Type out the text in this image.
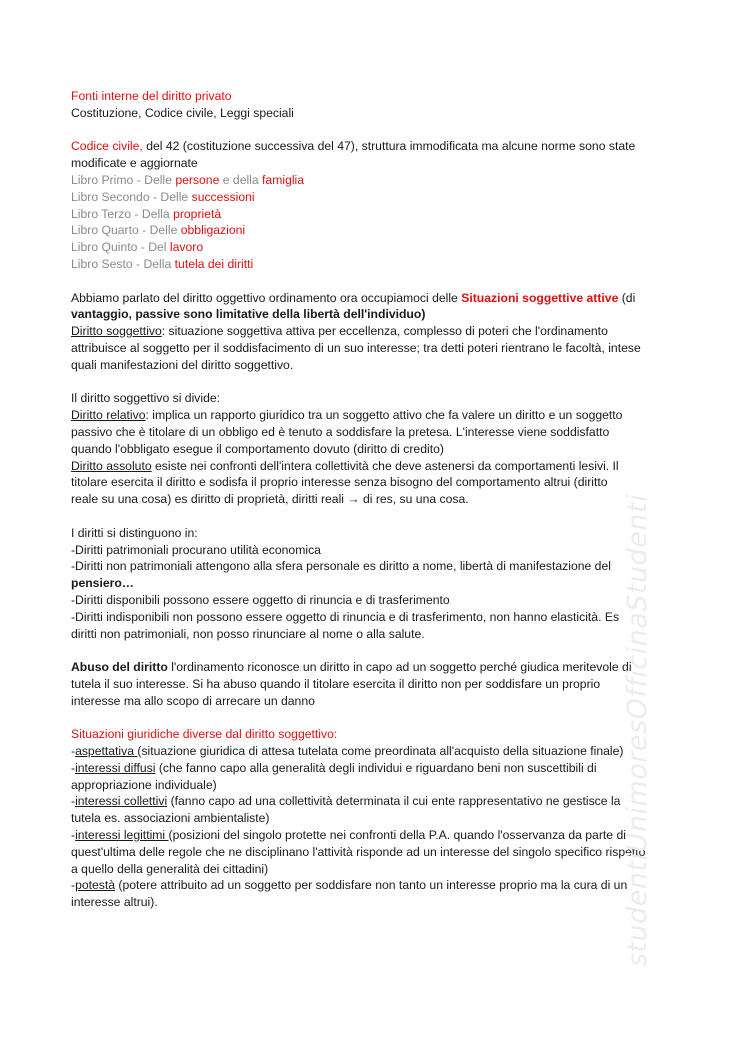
Fonti interne del diritto privato

Costituzione, Codice civile, Leggi speciali

Codice civile, del 42 (costituzione successiva del 47), struttura immodificata ma alcune norme sono state

modificate e aggiornate

Libro Primo - Delle persone e della famiglia

Libro Secondo - Delle successioni

Libro Terzo - Della proprietà

Libro Quarto - Delle obbligazioni

Libro Quinto - Del lavoro

Libro Sesto - Della tutela dei diritti

Abbiamo parlato del diritto oggettivo ordinamento ora occupiamoci delle Situazioni soggettive attive (di

vantaggio, passive sono limitative della libertà dell'individuo)

Diritto soggettivo: situazione soggettiva attiva per eccellenza, complesso di poteri che l'ordinamento

attribuisce al soggetto per il soddisfacimento di un suo interesse; tra detti poteri rientrano le facoltà, intese

quali manifestazioni del diritto soggettivo.

Il diritto soggettivo si divide:

Diritto relativo: implica un rapporto giuridico tra un soggetto attivo che fa valere un diritto e un soggetto

passivo che è titolare di un obbligo ed è tenuto a soddisfare la pretesa. L'interesse viene soddisfatto

quando l'obbligato esegue il comportamento dovuto (diritto di credito)

Diritto assoluto esiste nei confronti dell'intera collettività che deve astenersi da comportamenti lesivi. Il

titolare esercita il diritto e sodisfa il proprio interesse senza bisogno del comportamento altrui (diritto

reale su una cosa) es diritto di proprietà, diritti reali → di res, su una cosa.

I diritti si distinguono in:

-Diritti patrimoniali procurano utilità economica

-Diritti non patrimoniali attengono alla sfera personale es diritto a nome, libertà di manifestazione del

pensiero…

-Diritti disponibili possono essere oggetto di rinuncia e di trasferimento

-Diritti indisponibili non possono essere oggetto di rinuncia e di trasferimento, non hanno elasticità. Es

diritti non patrimoniali, non posso rinunciare al nome o alla salute.

Abuso del diritto l'ordinamento riconosce un diritto in capo ad un soggetto perché giudica meritevole di

tutela il suo interesse. Si ha abuso quando il titolare esercita il diritto non per soddisfare un proprio

interesse ma allo scopo di arrecare un danno

Situazioni giuridiche diverse dal diritto soggettivo:

-aspettativa (situazione giuridica di attesa tutelata come preordinata all'acquisto della situazione finale)

-interessi diffusi (che fanno capo alla generalità degli individui e riguardano beni non suscettibili di

appropriazione individuale)

-interessi collettivi (fanno capo ad una collettività determinata il cui ente rappresentativo ne gestisce la

tutela es. associazioni ambientaliste)

-interessi legittimi (posizioni del singolo protette nei confronti della P.A. quando l'osservanza da parte di

quest'ultima delle regole che ne disciplinano l'attività risponde ad un interesse del singolo specifico rispetto

a quello della generalità dei cittadini)

-potestà (potere attribuito ad un soggetto per soddisfare non tanto un interesse proprio ma la cura di un

interesse altrui).	studentiUnimoresOfficinaStudenti
